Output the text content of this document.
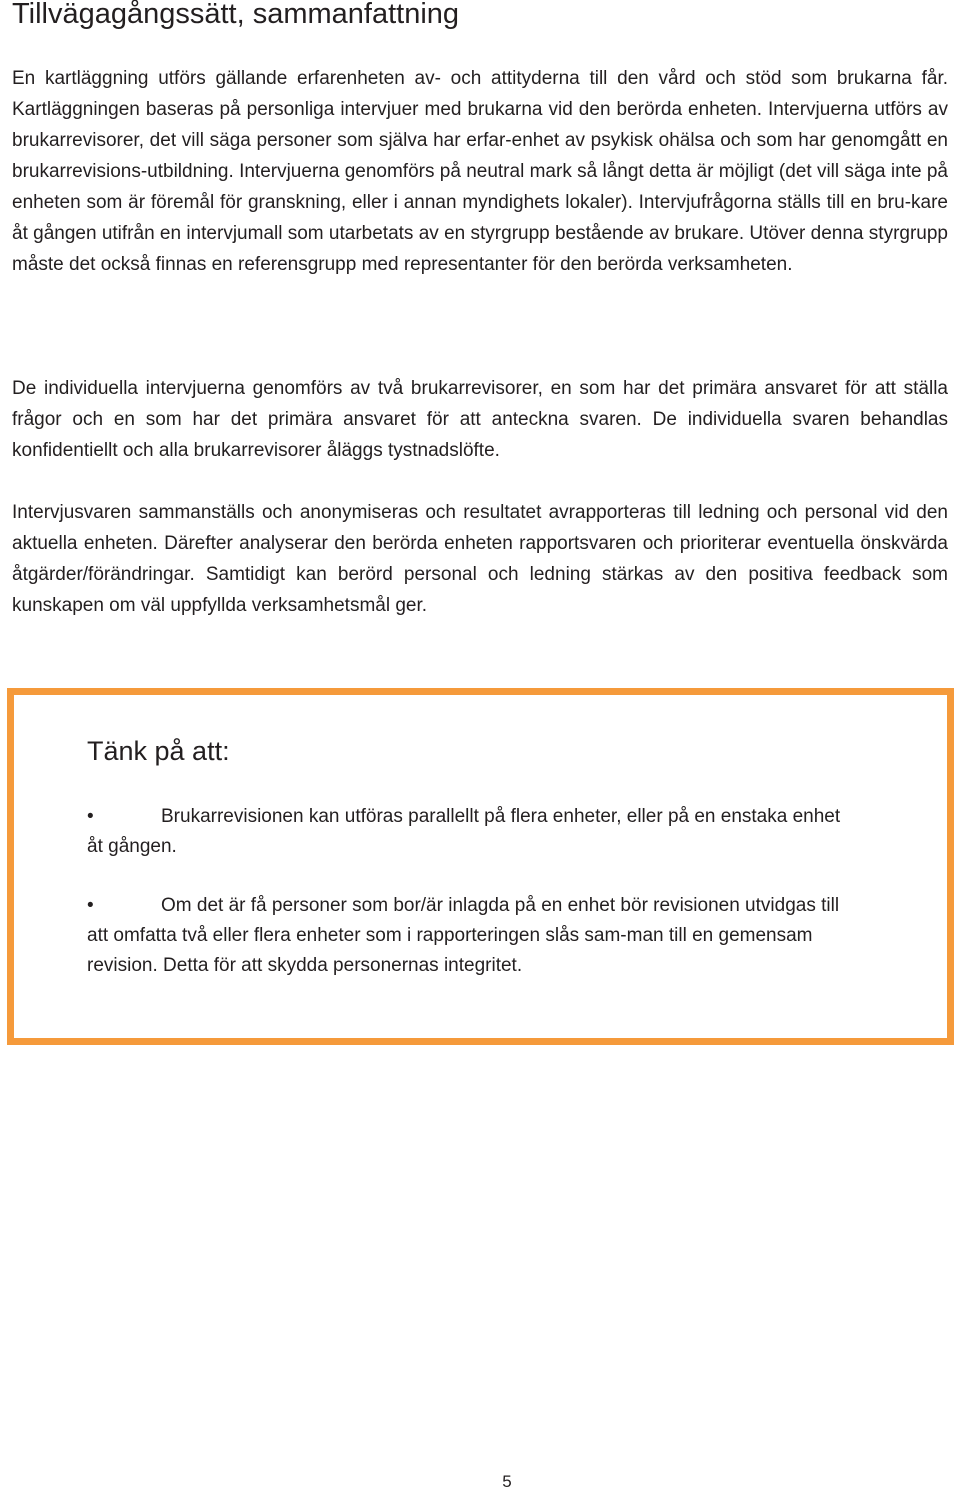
Tillvägagångssätt, sammanfattning

En kartläggning utförs gällande erfarenheten av- och attityderna till den vård och stöd som brukarna får. Kartläggningen baseras på personliga intervjuer med brukarna vid den berörda enheten. Intervjuerna utförs av brukarrevisorer, det vill säga personer som själva har erfar-enhet av psykisk ohälsa och som har genomgått en brukarrevisions-utbildning. Intervjuerna genomförs på neutral mark så långt detta är möjligt (det vill säga inte på enheten som är föremål för granskning, eller i annan myndighets lokaler). Intervjufrågorna ställs till en bru-kare åt gången utifrån en intervjumall som utarbetats av en styrgrupp bestående av brukare. Utöver denna styrgrupp måste det också finnas en referensgrupp med representanter för den berörda verksamheten.

De individuella intervjuerna genomförs av två brukarrevisorer, en som har det primära ansvaret för att ställa frågor och en som har det primära ansvaret för att anteckna svaren. De individuella svaren behandlas konfidentiellt och alla brukarrevisorer åläggs tystnadslöfte.

Intervjusvaren sammanställs och anonymiseras och resultatet avrapporteras till ledning och personal vid den aktuella enheten. Därefter analyserar den berörda enheten rapportsvaren och prioriterar eventuella önskvärda åtgärder/förändringar. Samtidigt kan berörd personal och ledning stärkas av den positiva feedback som kunskapen om väl uppfyllda verksamhetsmål ger.

Tänk på att:

•	Brukarrevisionen kan utföras parallellt på flera enheter, eller på en enstaka enhet åt gången.

•	Om det är få personer som bor/är inlagda på en enhet bör revisionen utvidgas till att omfatta två eller flera enheter som i rapporteringen slås sam-man till en gemensam revision. Detta för att skydda personernas integritet.

5
